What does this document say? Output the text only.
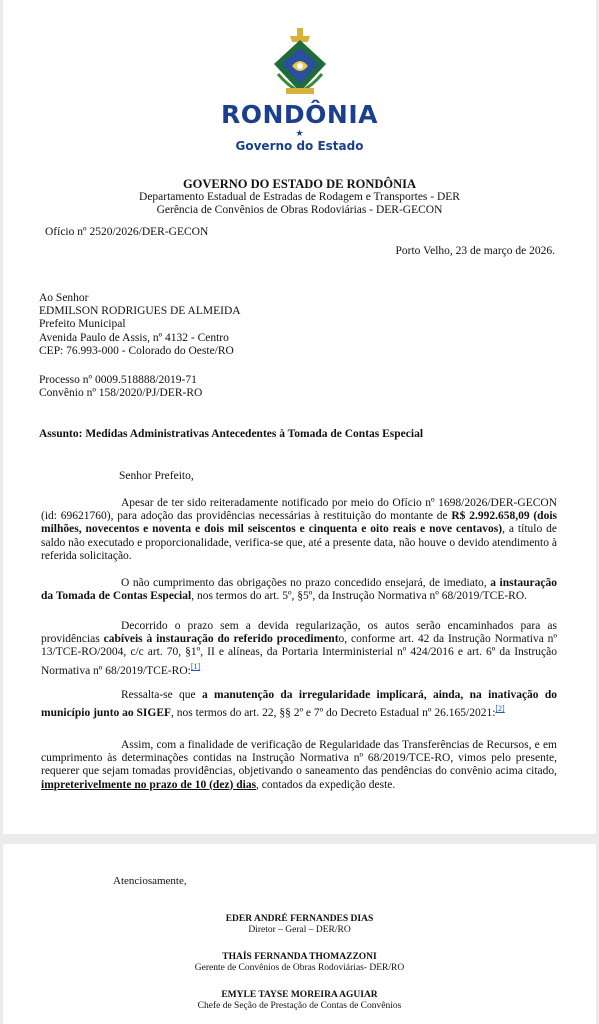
RONDÔNIA
★
Governo do Estado
GOVERNO DO ESTADO DE RONDÔNIA
Departamento Estadual de Estradas de Rodagem e Transportes - DER
Gerência de Convênios de Obras Rodoviárias - DER-GECON
Ofício nº 2520/2026/DER-GECON
Porto Velho, 23 de março de 2026.
Ao Senhor
EDMILSON RODRIGUES DE ALMEIDA
Prefeito Municipal
Avenida Paulo de Assis, nº 4132 - Centro
CEP: 76.993-000 - Colorado do Oeste/RO
Processo nº 0009.518888/2019-71
Convênio nº 158/2020/PJ/DER-RO
Assunto: Medidas Administrativas Antecedentes à Tomada de Contas Especial
Senhor Prefeito,

Apesar de ter sido reiteradamente notificado por meio do Ofício nº 1698/2026/DER-GECON (id: 69621760), para adoção das providências necessárias à restituição do montante de R$ 2.992.658,09 (dois milhões, novecentos e noventa e dois mil seiscentos e cinquenta e oito reais e nove centavos), a título de saldo não executado e proporcionalidade, verifica-se que, até a presente data, não houve o devido atendimento à referida solicitação.

O não cumprimento das obrigações no prazo concedido ensejará, de imediato, a instauração da Tomada de Contas Especial, nos termos do art. 5º, §5º, da Instrução Normativa nº 68/2019/TCE-RO.

Decorrido o prazo sem a devida regularização, os autos serão encaminhados para as providências cabíveis à instauração do referido procedimento, conforme art. 42 da Instrução Normativa nº 13/TCE-RO/2004, c/c art. 70, §1º, II e alíneas, da Portaria Interministerial nº 424/2016 e art. 6º da Instrução Normativa nº 68/2019/TCE-RO:[1]

Ressalta-se que a manutenção da irregularidade implicará, ainda, na inativação do município junto ao SIGEF, nos termos do art. 22, §§ 2º e 7º do Decreto Estadual nº 26.165/2021:[2]

Assim, com a finalidade de verificação de Regularidade das Transferências de Recursos, e em cumprimento às determinações contidas na Instrução Normativa nº 68/2019/TCE-RO, vimos pelo presente, requerer que sejam tomadas providências, objetivando o saneamento das pendências do convênio acima citado, impreterivelmente no prazo de 10 (dez) dias, contados da expedição deste.

Atenciosamente,
EDER ANDRÉ FERNANDES DIAS
Diretor – Geral – DER/RO
THAÍS FERNANDA THOMAZZONI
Gerente de Convênios de Obras Rodoviárias- DER/RO
EMYLE TAYSE MOREIRA AGUIAR
Chefe de Seção de Prestação de Contas de Convênios
